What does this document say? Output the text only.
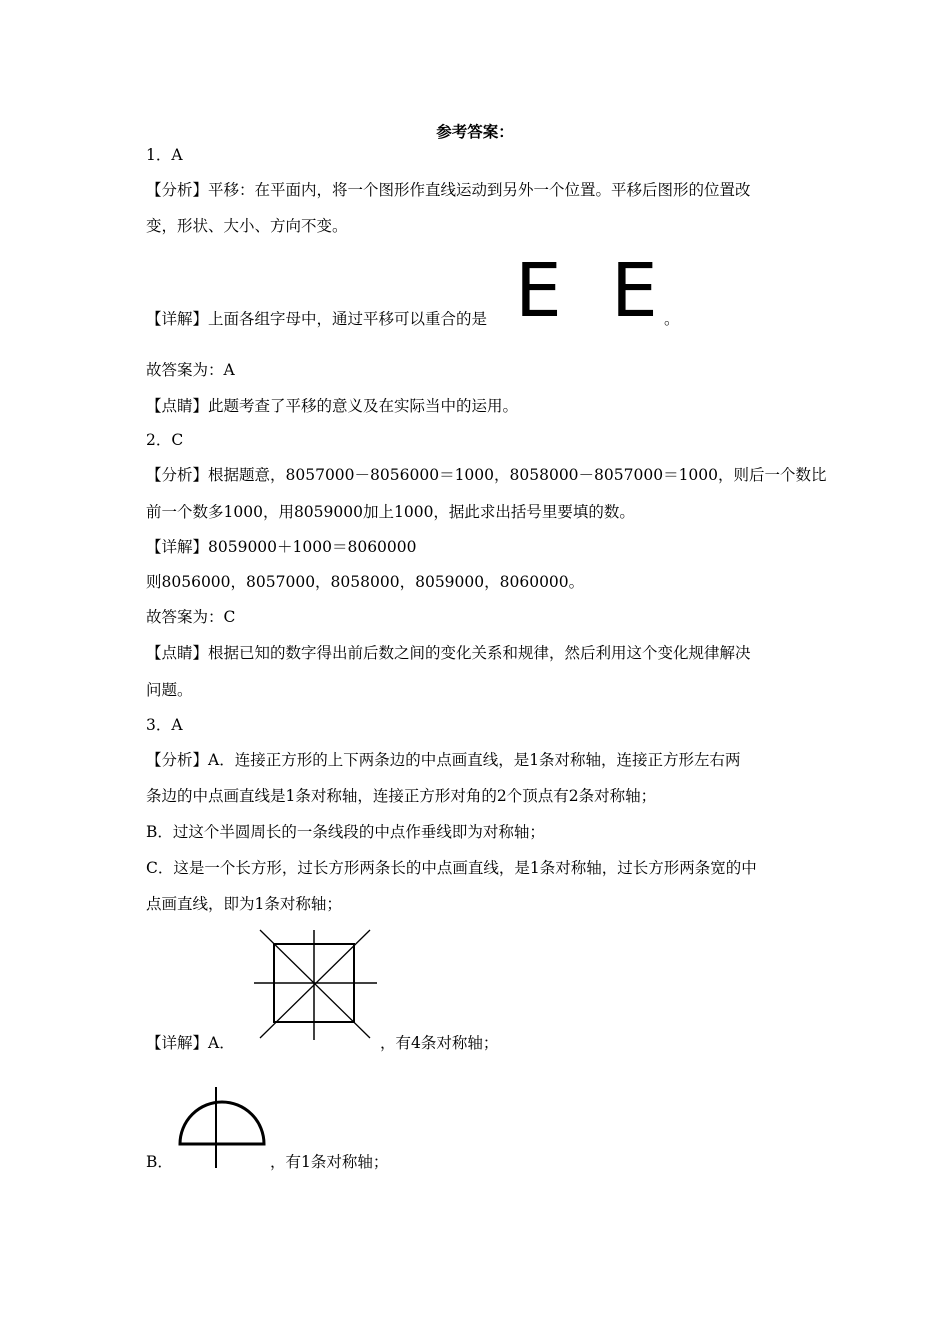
参考答案：
1．A
【分析】平移：在平面内，将一个图形作直线运动到另外一个位置。平移后图形的位置改
变，形状、大小、方向不变。
【详解】上面各组字母中，通过平移可以重合的是 E E 。
故答案为：A
【点睛】此题考查了平移的意义及在实际当中的运用。
2．C
【分析】根据题意，8057000－8056000＝1000，8058000－8057000＝1000，则后一个数比
前一个数多1000，用8059000加上1000，据此求出括号里要填的数。
【详解】8059000＋1000＝8060000
则8056000，8057000，8058000，8059000，8060000。
故答案为：C
【点睛】根据已知的数字得出前后数之间的变化关系和规律，然后利用这个变化规律解决
问题。
3．A
【分析】A．连接正方形的上下两条边的中点画直线，是1条对称轴，连接正方形左右两
条边的中点画直线是1条对称轴，连接正方形对角的2个顶点有2条对称轴；
B．过这个半圆周长的一条线段的中点作垂线即为对称轴；
C．这是一个长方形，过长方形两条长的中点画直线，是1条对称轴，过长方形两条宽的中
点画直线，即为1条对称轴；
【详解】A．	，有4条对称轴；
B．	，有1条对称轴；
